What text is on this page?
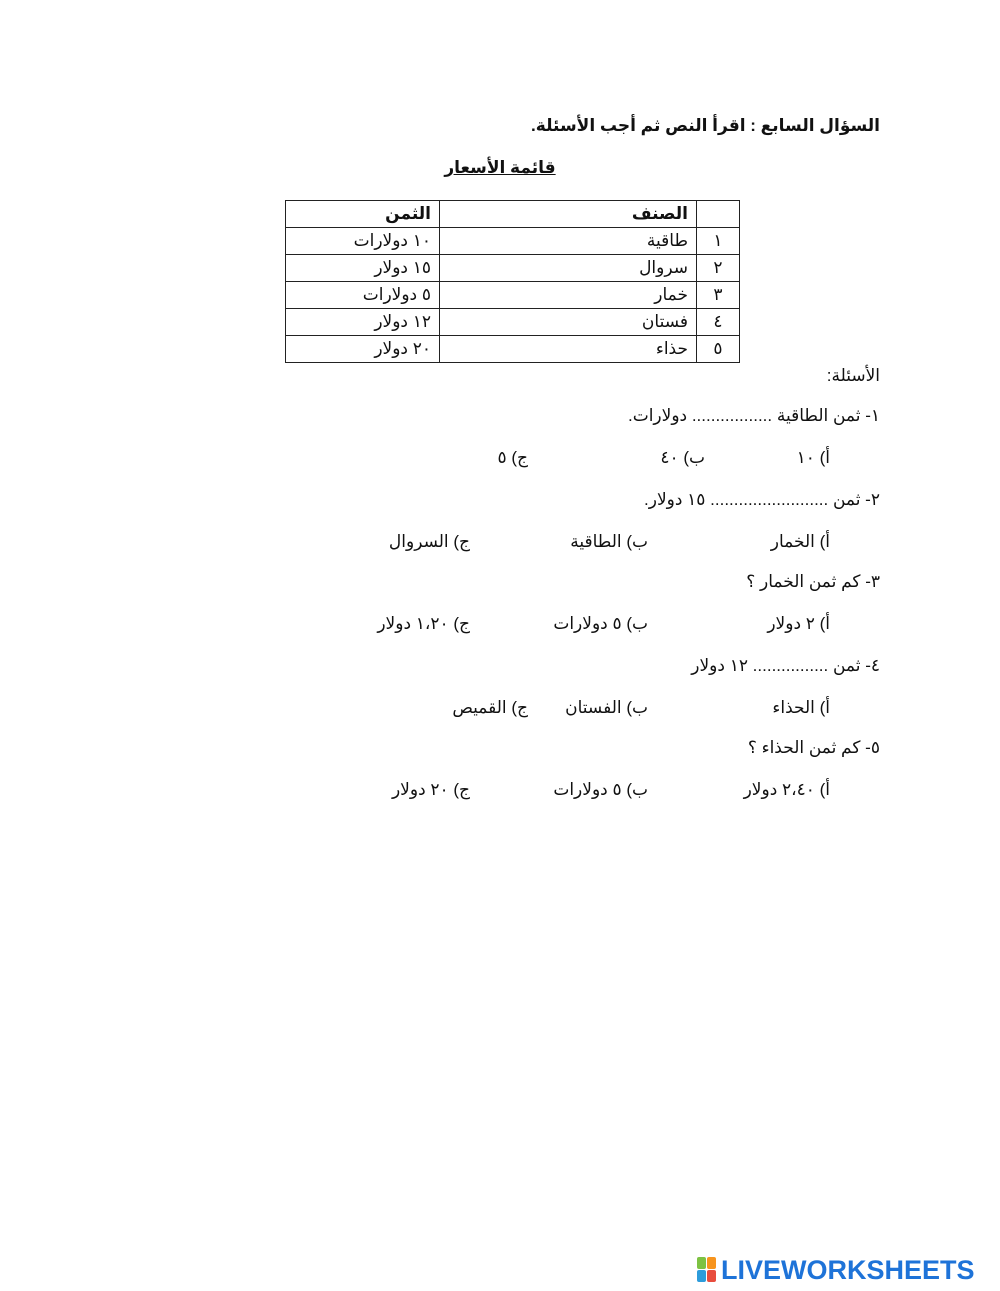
السؤال السابع : اقرأ النص ثم أجب الأسئلة.
قائمة الأسعار
	الصنف	الثمن
١	طاقية	١٠ دولارات
٢	سروال	١٥ دولار
٣	خمار	٥ دولارات
٤	فستان	١٢ دولار
٥	حذاء	٢٠ دولار
الأسئلة:
١- ثمن الطاقية ................. دولارات.
أ) ١٠
ب) ٤٠
ج) ٥
٢- ثمن ......................... ١٥ دولار.
أ) الخمار
ب) الطاقية
ج) السروال
٣- كم ثمن الخمار ؟
أ) ٢ دولار
ب) ٥ دولارات
ج) ١،٢٠ دولار
٤- ثمن ................ ١٢ دولار
أ) الحذاء
ب) الفستان
ج) القميص
٥- كم ثمن الحذاء ؟
أ) ٢،٤٠ دولار
ب) ٥ دولارات
ج) ٢٠ دولار
LIVEWORKSHEETS
